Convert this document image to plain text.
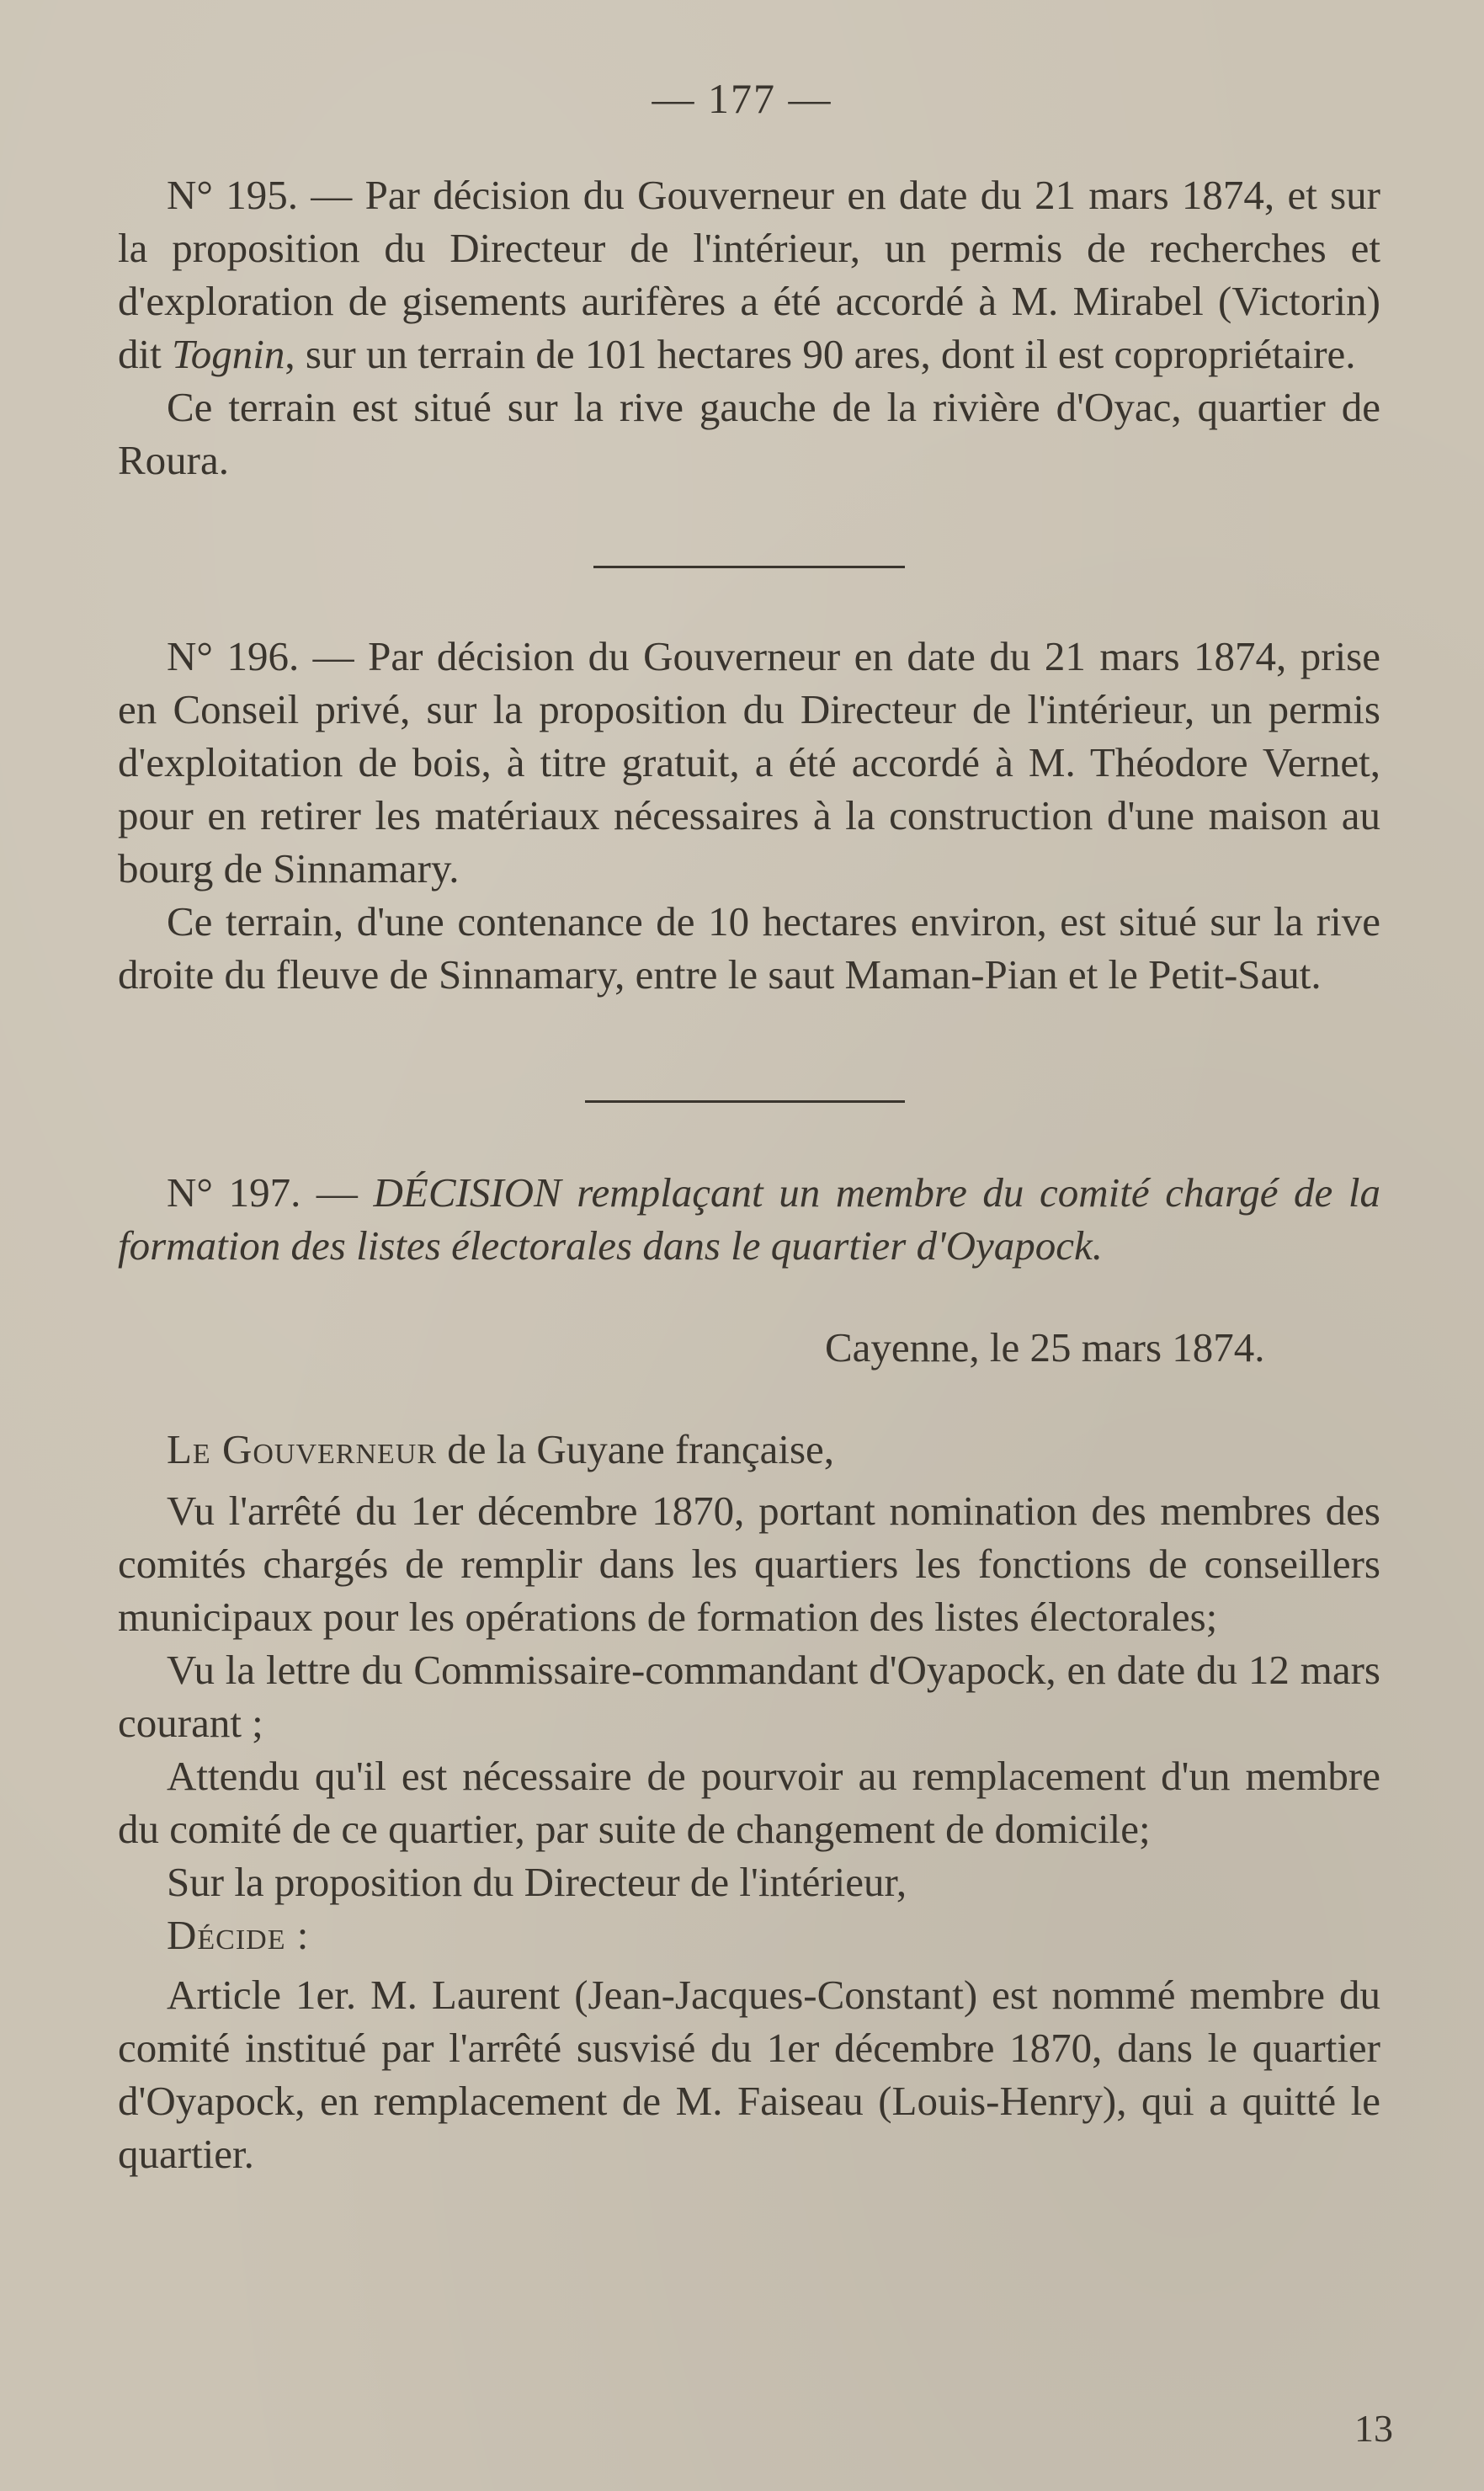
— 177 —

N° 195. — Par décision du Gouverneur en date du 21 mars 1874, et sur la proposition du Directeur de l'intérieur, un permis de recherches et d'exploration de gisements aurifères a été accordé à M. Mirabel (Victorin) dit Tognin, sur un terrain de 101 hectares 90 ares, dont il est copropriétaire.

Ce terrain est situé sur la rive gauche de la rivière d'Oyac, quartier de Roura.

N° 196. — Par décision du Gouverneur en date du 21 mars 1874, prise en Conseil privé, sur la proposition du Directeur de l'intérieur, un permis d'exploitation de bois, à titre gratuit, a été accordé à M. Théodore Vernet, pour en retirer les matériaux nécessaires à la construction d'une maison au bourg de Sinnamary.

Ce terrain, d'une contenance de 10 hectares environ, est situé sur la rive droite du fleuve de Sinnamary, entre le saut Maman-Pian et le Petit-Saut.

N° 197. — DÉCISION remplaçant un membre du comité chargé de la formation des listes électorales dans le quartier d'Oyapock.

Cayenne, le 25 mars 1874.

Le Gouverneur de la Guyane française,

Vu l'arrêté du 1er décembre 1870, portant nomination des membres des comités chargés de remplir dans les quartiers les fonctions de conseillers municipaux pour les opérations de formation des listes électorales;

Vu la lettre du Commissaire-commandant d'Oyapock, en date du 12 mars courant ;

Attendu qu'il est nécessaire de pourvoir au remplacement d'un membre du comité de ce quartier, par suite de changement de domicile;

Sur la proposition du Directeur de l'intérieur,

Décide :

Article 1er. M. Laurent (Jean-Jacques-Constant) est nommé membre du comité institué par l'arrêté susvisé du 1er décembre 1870, dans le quartier d'Oyapock, en remplacement de M. Faiseau (Louis-Henry), qui a quitté le quartier.

13
